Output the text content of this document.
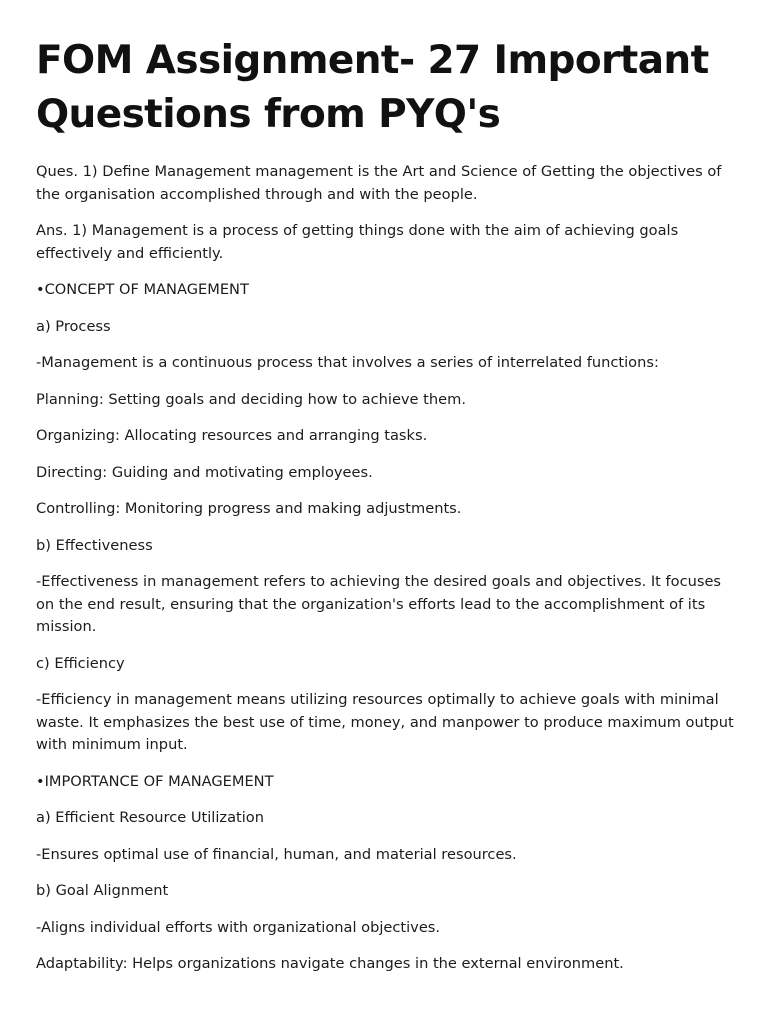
FOM Assignment- 27 Important Questions from PYQ's

Ques. 1) Define Management management is the Art and Science of Getting the objectives of the organisation accomplished through and with the people.

Ans. 1) Management is a process of getting things done with the aim of achieving goals effectively and efficiently.

•CONCEPT OF MANAGEMENT

a) Process

-Management is a continuous process that involves a series of interrelated functions:

Planning: Setting goals and deciding how to achieve them.

Organizing: Allocating resources and arranging tasks.

Directing: Guiding and motivating employees.

Controlling: Monitoring progress and making adjustments.

b) Effectiveness

-Effectiveness in management refers to achieving the desired goals and objectives. It focuses on the end result, ensuring that the organization's efforts lead to the accomplishment of its mission.

c) Efficiency

-Efficiency in management means utilizing resources optimally to achieve goals with minimal waste. It emphasizes the best use of time, money, and manpower to produce maximum output with minimum input.

•IMPORTANCE OF MANAGEMENT

a) Efficient Resource Utilization

-Ensures optimal use of financial, human, and material resources.

b) Goal Alignment

-Aligns individual efforts with organizational objectives.

Adaptability: Helps organizations navigate changes in the external environment.
